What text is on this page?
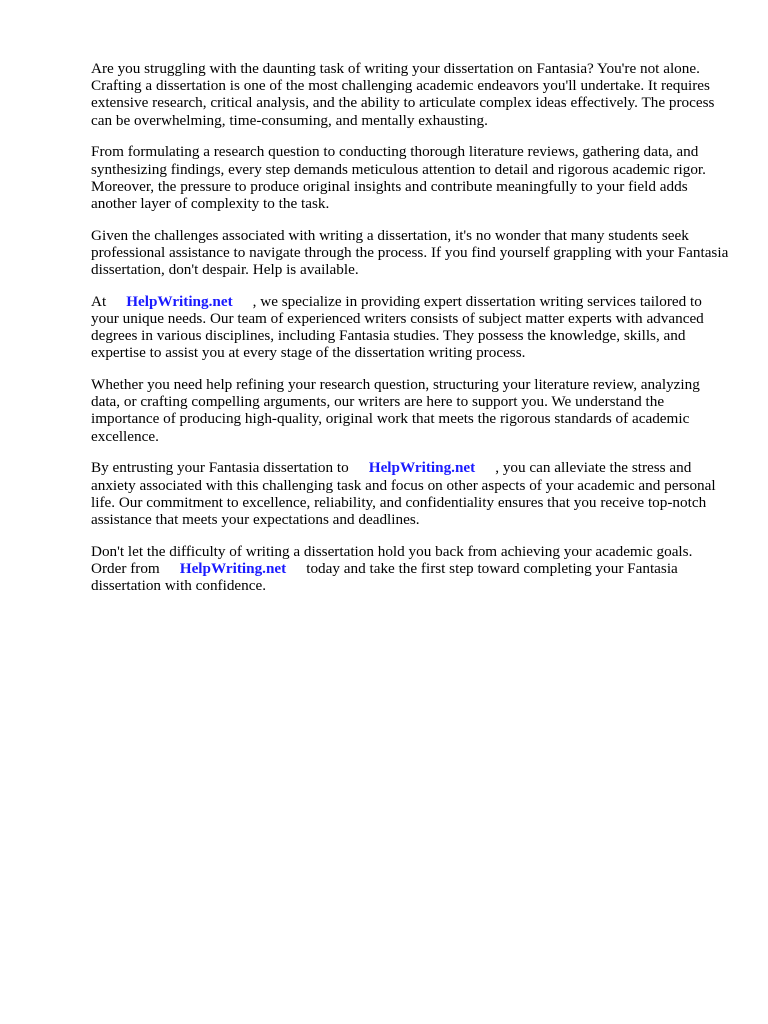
Are you struggling with the daunting task of writing your dissertation on Fantasia? You're not alone. Crafting a dissertation is one of the most challenging academic endeavors you'll undertake. It requires extensive research, critical analysis, and the ability to articulate complex ideas effectively. The process can be overwhelming, time-consuming, and mentally exhausting.

From formulating a research question to conducting thorough literature reviews, gathering data, and synthesizing findings, every step demands meticulous attention to detail and rigorous academic rigor. Moreover, the pressure to produce original insights and contribute meaningfully to your field adds another layer of complexity to the task.

Given the challenges associated with writing a dissertation, it's no wonder that many students seek professional assistance to navigate through the process. If you find yourself grappling with your Fantasia dissertation, don't despair. Help is available.

At HelpWriting.net , we specialize in providing expert dissertation writing services tailored to your unique needs. Our team of experienced writers consists of subject matter experts with advanced degrees in various disciplines, including Fantasia studies. They possess the knowledge, skills, and expertise to assist you at every stage of the dissertation writing process.

Whether you need help refining your research question, structuring your literature review, analyzing data, or crafting compelling arguments, our writers are here to support you. We understand the importance of producing high-quality, original work that meets the rigorous standards of academic excellence.

By entrusting your Fantasia dissertation to HelpWriting.net , you can alleviate the stress and anxiety associated with this challenging task and focus on other aspects of your academic and personal life. Our commitment to excellence, reliability, and confidentiality ensures that you receive top-notch assistance that meets your expectations and deadlines.

Don't let the difficulty of writing a dissertation hold you back from achieving your academic goals. Order from HelpWriting.net today and take the first step toward completing your Fantasia dissertation with confidence.
